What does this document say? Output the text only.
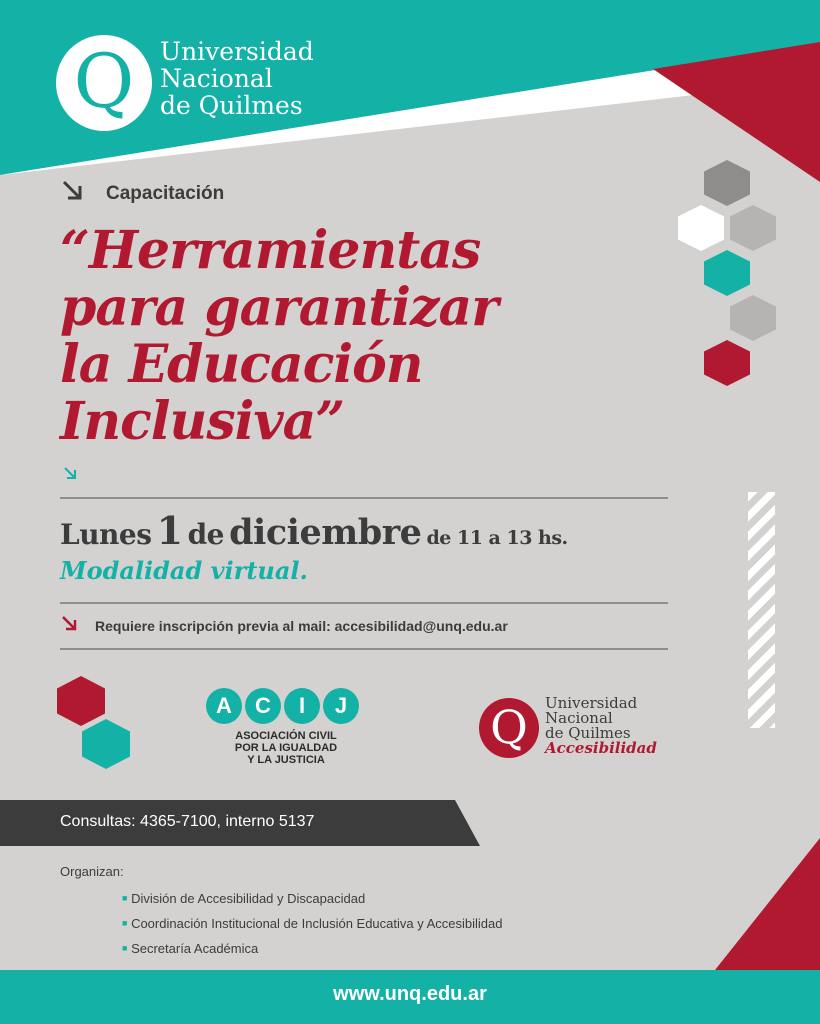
Q	Universidad
Nacional
de Quilmes
Capacitación
“Herramientas
para garantizar
la Educación
Inclusiva”
Lunes 1 de diciembre de 11 a 13 hs.
Modalidad virtual.
Requiere inscripción previa al mail: accesibilidad@unq.edu.ar
A C I J
ASOCIACIÓN CIVIL
POR LA IGUALDAD
Y LA JUSTICIA
Q	Universidad
Nacional
de Quilmes
Accesibilidad
Consultas: 4365-7100, interno 5137
Organizan:
■ División de Accesibilidad y Discapacidad
■ Coordinación Institucional de Inclusión Educativa y Accesibilidad
■ Secretaría Académica
www.unq.edu.ar
